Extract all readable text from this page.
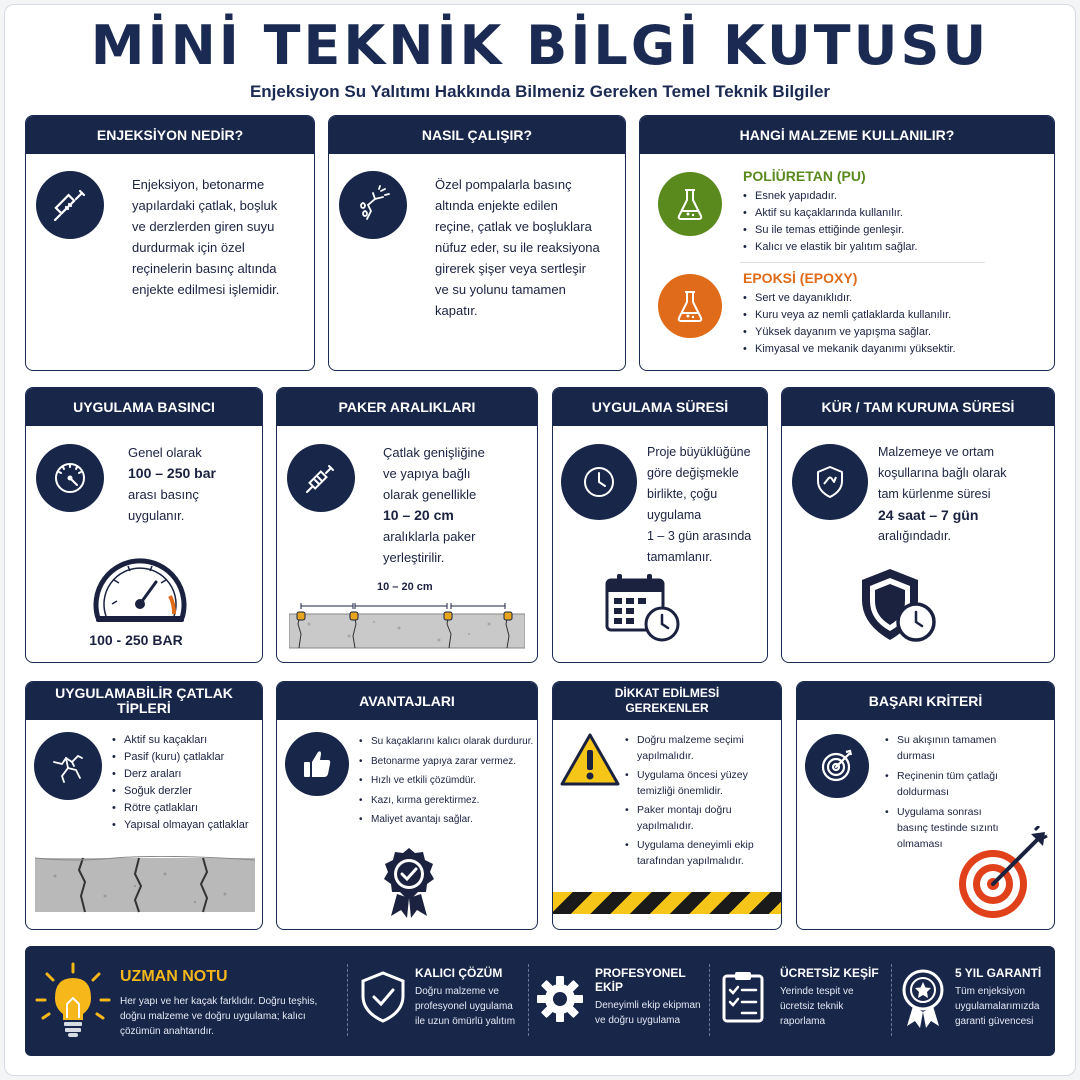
MİNİ TEKNİK BİLGİ KUTUSU
Enjeksiyon Su Yalıtımı Hakkında Bilmeniz Gereken Temel Teknik Bilgiler
ENJEKSİYON NEDİR?
Enjeksiyon, betonarme
yapılardaki çatlak, boşluk
ve derzlerden giren suyu
durdurmak için özel
reçinelerin basınç altında
enjekte edilmesi işlemidir.
NASIL ÇALIŞIR?
Özel pompalarla basınç
altında enjekte edilen
reçine, çatlak ve boşluklara
nüfuz eder, su ile reaksiyona
girerek şişer veya sertleşir
ve su yolunu tamamen
kapatır.
HANGİ MALZEME KULLANILIR?
POLİÜRETAN (PU)
• Esnek yapıdadır.
• Aktif su kaçaklarında kullanılır.
• Su ile temas ettiğinde genleşir.
• Kalıcı ve elastik bir yalıtım sağlar.
EPOKSİ (EPOXY)
• Sert ve dayanıklıdır.
• Kuru veya az nemli çatlaklarda kullanılır.
• Yüksek dayanım ve yapışma sağlar.
• Kimyasal ve mekanik dayanımı yüksektir.
UYGULAMA BASINCI
Genel olarak
100 – 250 bar
arası basınç
uygulanır.
100 - 250 BAR
PAKER ARALIKLARI
Çatlak genişliğine
ve yapıya bağlı
olarak genellikle
10 – 20 cm
aralıklarla paker
yerleştirilir.
10 – 20 cm
UYGULAMA SÜRESİ
Proje büyüklüğüne
göre değişmekle
birlikte, çoğu
uygulama
1 – 3 gün arasında
tamamlanır.
KÜR / TAM KURUMA SÜRESİ
Malzemeye ve ortam
koşullarına bağlı olarak
tam kürlenme süresi
24 saat – 7 gün
aralığındadır.
UYGULAMABİLİR ÇATLAK TİPLERİ
• Aktif su kaçakları
• Pasif (kuru) çatlaklar
• Derz araları
• Soğuk derzler
• Rötre çatlakları
• Yapısal olmayan çatlaklar
AVANTAJLARI
• Su kaçaklarını kalıcı olarak durdurur.
• Betonarme yapıya zarar vermez.
• Hızlı ve etkili çözümdür.
• Kazı, kırma gerektirmez.
• Maliyet avantajı sağlar.
DİKKAT EDİLMESİ
GEREKENLER
• Doğru malzeme seçimi yapılmalıdır.
• Uygulama öncesi yüzey temizliği önemlidir.
• Paker montajı doğru yapılmalıdır.
• Uygulama deneyimli ekip tarafından yapılmalıdır.
BAŞARI KRİTERİ
• Su akışının tamamen durması
• Reçinenin tüm çatlağı doldurması
• Uygulama sonrası basınç testinde sızıntı olmaması
UZMAN NOTU
Her yapı ve her kaçak farklıdır. Doğru teşhis, doğru malzeme ve doğru uygulama; kalıcı çözümün anahtarıdır.
KALICI ÇÖZÜM
Doğru malzeme ve profesyonel uygulama ile uzun ömürlü yalıtım
PROFESYONEL EKİP
Deneyimli ekip ekipman ve doğru uygulama
ÜCRETSİZ KEŞİF
Yerinde tespit ve ücretsiz teknik raporlama
5 YIL GARANTİ
Tüm enjeksiyon uygulamalarımızda garanti güvencesi
